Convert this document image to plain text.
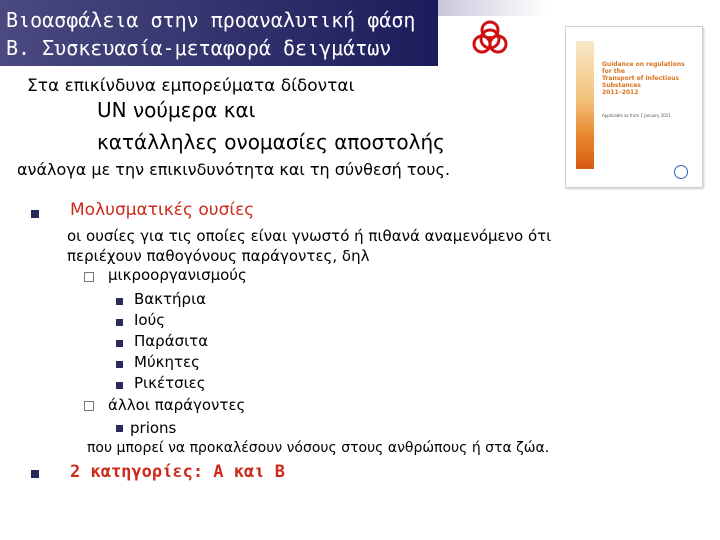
Βιοασφάλεια στην προαναλυτική φάση
Β. Συσκευασία-μεταφορά δειγμάτων
Guidance on regulations
for the
Transport of Infectious
Substances
2011–2012
Applicable as from 1 January 2011
Στα επικίνδυνα εμπορεύματα δίδονται
UN νούμερα και
κατάλληλες ονομασίες αποστολής
ανάλογα με την επικινδυνότητα και τη σύνθεσή τους.
Μολυσματικές ουσίες
οι ουσίες για τις οποίες είναι γνωστό ή πιθανά αναμενόμενο ότι
περιέχουν παθογόνους παράγοντες, δηλ
μικροοργανισμούς
Βακτήρια
Ιούς
Παράσιτα
Μύκητες
Ρικέτσιες
άλλοι παράγοντες
prions
που μπορεί να προκαλέσουν νόσους στους ανθρώπους ή στα ζώα.
2 κατηγορίες: Α και Β
